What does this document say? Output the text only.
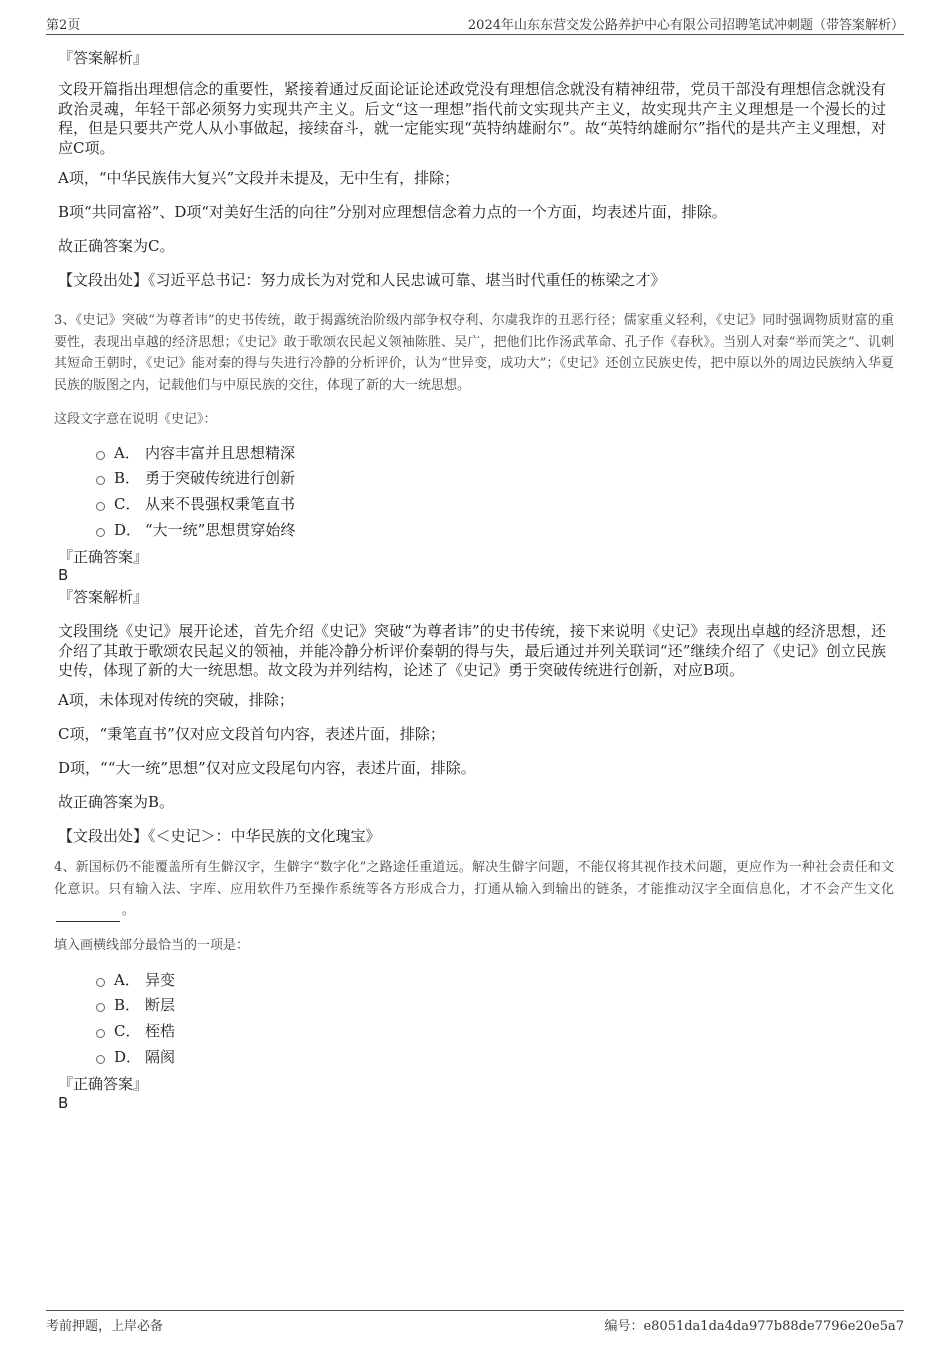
第2页	2024年山东东营交发公路养护中心有限公司招聘笔试冲刺题（带答案解析）
『答案解析』
文段开篇指出理想信念的重要性，紧接着通过反面论证论述政党没有理想信念就没有精神纽带，党员干部没有理想信念就没有政治灵魂，年轻干部必须努力实现共产主义。后文“这一理想”指代前文实现共产主义，故实现共产主义理想是一个漫长的过程，但是只要共产党人从小事做起，接续奋斗，就一定能实现“英特纳雄耐尔”。故“英特纳雄耐尔”指代的是共产主义理想，对应C项。
A项，“中华民族伟大复兴”文段并未提及，无中生有，排除；
B项“共同富裕”、D项“对美好生活的向往”分别对应理想信念着力点的一个方面，均表述片面，排除。
故正确答案为C。
【文段出处】《习近平总书记：努力成长为对党和人民忠诚可靠、堪当时代重任的栋梁之才》
3、《史记》突破“为尊者讳”的史书传统，敢于揭露统治阶级内部争权夺利、尔虞我诈的丑恶行径；儒家重义轻利，《史记》同时强调物质财富的重要性，表现出卓越的经济思想；《史记》敢于歌颂农民起义领袖陈胜、吴广，把他们比作汤武革命、孔子作《春秋》。当别人对秦“举而笑之”、讥刺其短命王朝时，《史记》能对秦的得与失进行冷静的分析评价，认为“世异变，成功大”；《史记》还创立民族史传，把中原以外的周边民族纳入华夏民族的版图之内，记载他们与中原民族的交往，体现了新的大一统思想。
这段文字意在说明《史记》：
A． 内容丰富并且思想精深
B． 勇于突破传统进行创新
C． 从来不畏强权秉笔直书
D． “大一统”思想贯穿始终
『正确答案』
B
『答案解析』
文段围绕《史记》展开论述，首先介绍《史记》突破“为尊者讳”的史书传统，接下来说明《史记》表现出卓越的经济思想，还介绍了其敢于歌颂农民起义的领袖，并能冷静分析评价秦朝的得与失，最后通过并列关联词“还”继续介绍了《史记》创立民族史传，体现了新的大一统思想。故文段为并列结构，论述了《史记》勇于突破传统进行创新，对应B项。
A项，未体现对传统的突破，排除；
C项，“秉笔直书”仅对应文段首句内容，表述片面，排除；
D项，““大一统”思想”仅对应文段尾句内容，表述片面，排除。
故正确答案为B。
【文段出处】《＜史记＞：中华民族的文化瑰宝》
4、新国标仍不能覆盖所有生僻汉字，生僻字“数字化”之路途任重道远。解决生僻字问题，不能仅将其视作技术问题，更应作为一种社会责任和文化意识。只有输入法、字库、应用软件乃至操作系统等各方形成合力，打通从输入到输出的链条，才能推动汉字全面信息化，才不会产生文化。
填入画横线部分最恰当的一项是：
A． 异变
B． 断层
C． 桎梏
D． 隔阂
『正确答案』
B
考前押题，上岸必备	编号：e8051da1da4da977b88de7796e20e5a7
